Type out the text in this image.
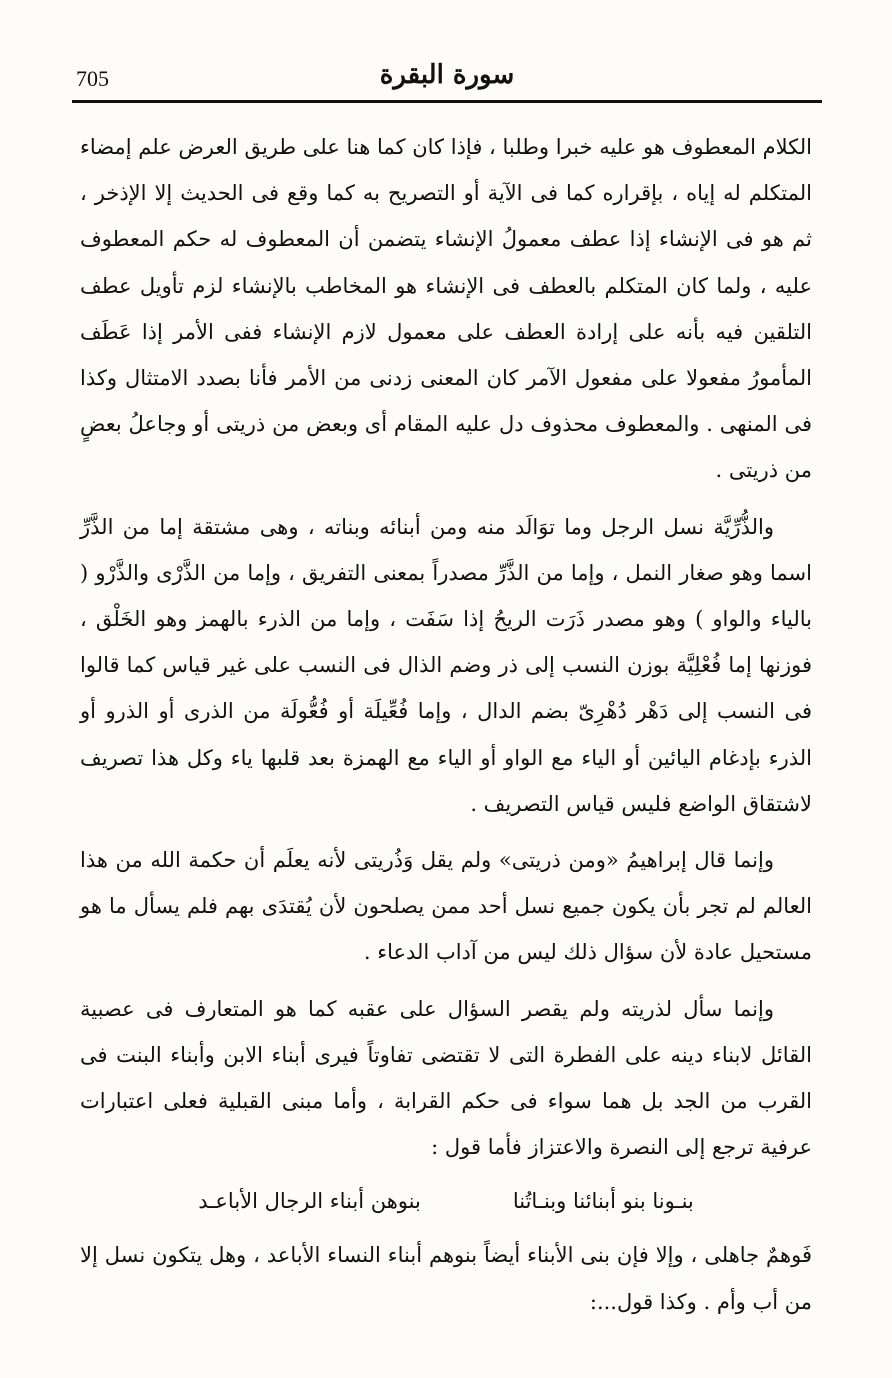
705	سورة البقرة

الكلام المعطوف هو عليه خبرا وطلبا ، فإذا كان كما هنا على طريق العرض علم إمضاء المتكلم له إياه ، بإقراره كما فى الآية أو التصريح به كما وقع فى الحديث إلا الإذخر ، ثم هو فى الإنشاء إذا عطف معمولُ الإنشاء يتضمن أن المعطوف له حكم المعطوف عليه ، ولما كان المتكلم بالعطف فى الإنشاء هو المخاطب بالإنشاء لزم تأويل عطف التلقين فيه بأنه على إرادة العطف على معمول لازم الإنشاء ففى الأمر إذا عَطَف المأمورُ مفعولا على مفعول الآمر كان المعنى زدنى من الأمر فأنا بصدد الامتثال وكذا فى المنهى . والمعطوف محذوف دل عليه المقام أى وبعض من ذريتى أو وجاعلُ بعضٍ من ذريتى .

والذُّرِّيَّة نسل الرجل وما توَالَد منه ومن أبنائه وبناته ، وهى مشتقة إما من الذَّرِّ اسما وهو صغار النمل ، وإما من الذَّرِّ مصدراً بمعنى التفريق ، وإما من الذَّرْى والذَّرْو ( بالياء والواو ) وهو مصدر ذَرَت الريحُ إذا سَفَت ، وإما من الذرء بالهمز وهو الخَلْق ، فوزنها إما فُعْلِيَّة بوزن النسب إلى ذر وضم الذال فى النسب على غير قياس كما قالوا فى النسب إلى دَهْر دُهْرِىّ بضم الدال ، وإما فُعِّيلَة أو فُعُّولَة من الذرى أو الذرو أو الذرء بإدغام اليائين أو الياء مع الواو أو الياء مع الهمزة بعد قلبها ياء وكل هذا تصريف لاشتقاق الواضع فليس قياس التصريف .

وإنما قال إبراهيمُ «ومن ذريتى» ولم يقل وَذُريتى لأنه يعلَم أن حكمة الله من هذا العالم لم تجر بأن يكون جميع نسل أحد ممن يصلحون لأن يُقتدَى بهم فلم يسأل ما هو مستحيل عادة لأن سؤال ذلك ليس من آداب الدعاء .

وإنما سأل لذريته ولم يقصر السؤال على عقبه كما هو المتعارف فى عصبية القائل لابناء دينه على الفطرة التى لا تقتضى تفاوتاً فيرى أبناء الابن وأبناء البنت فى القرب من الجد بل هما سواء فى حكم القرابة ، وأما مبنى القبلية فعلى اعتبارات عرفية ترجع إلى النصرة والاعتزاز فأما قول :

بنـونا بنو أبنائنا وبنـاتُنا
بنوهن أبناء الرجال الأباعـد

فَوهمٌ جاهلى ، وإلا فإن بنى الأبناء أيضاً بنوهم أبناء النساء الأباعد ، وهل يتكون نسل إلا من أب وأم . وكذا قول...:
